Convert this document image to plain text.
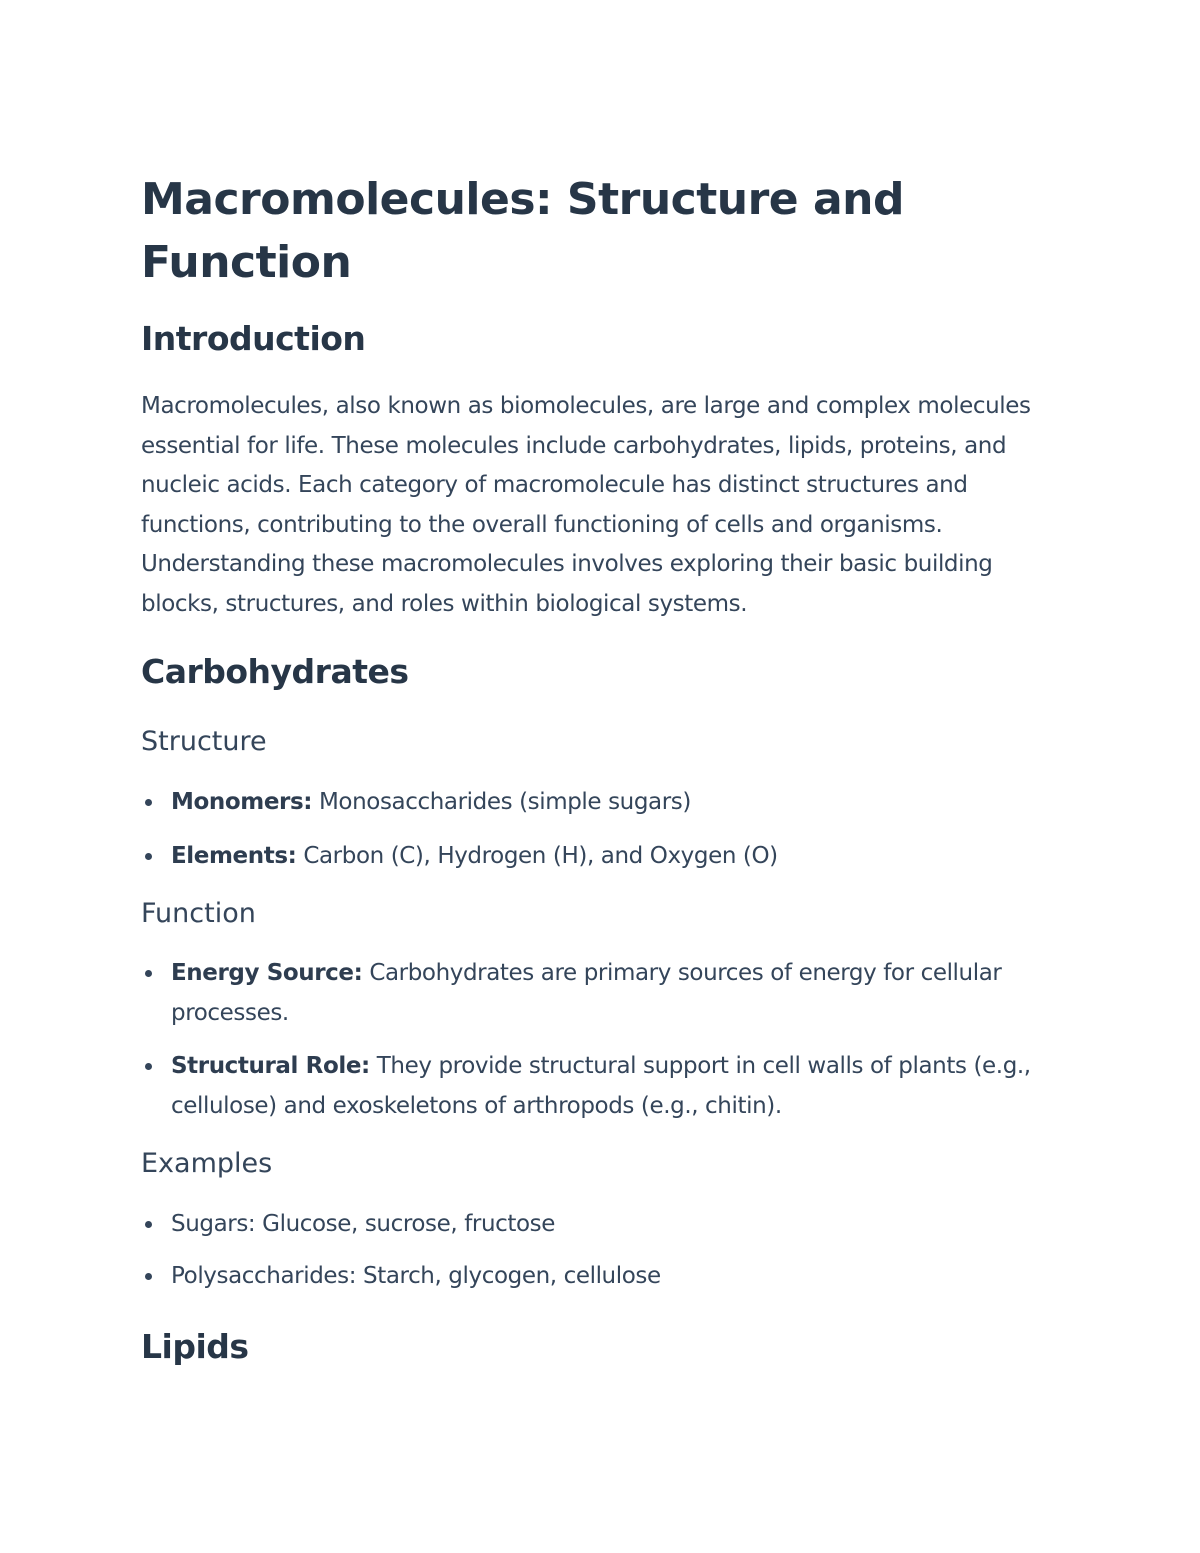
Macromolecules: Structure and Function
Introduction

Macromolecules, also known as biomolecules, are large and complex molecules essential for life. These molecules include carbohydrates, lipids, proteins, and nucleic acids. Each category of macromolecule has distinct structures and functions, contributing to the overall functioning of cells and organisms. Understanding these macromolecules involves exploring their basic building blocks, structures, and roles within biological systems.

Carbohydrates
Structure
Monomers: Monosaccharides (simple sugars)
Elements: Carbon (C), Hydrogen (H), and Oxygen (O)
Function
Energy Source: Carbohydrates are primary sources of energy for cellular processes.
Structural Role: They provide structural support in cell walls of plants (e.g., cellulose) and exoskeletons of arthropods (e.g., chitin).
Examples
Sugars: Glucose, sucrose, fructose
Polysaccharides: Starch, glycogen, cellulose
Lipids
